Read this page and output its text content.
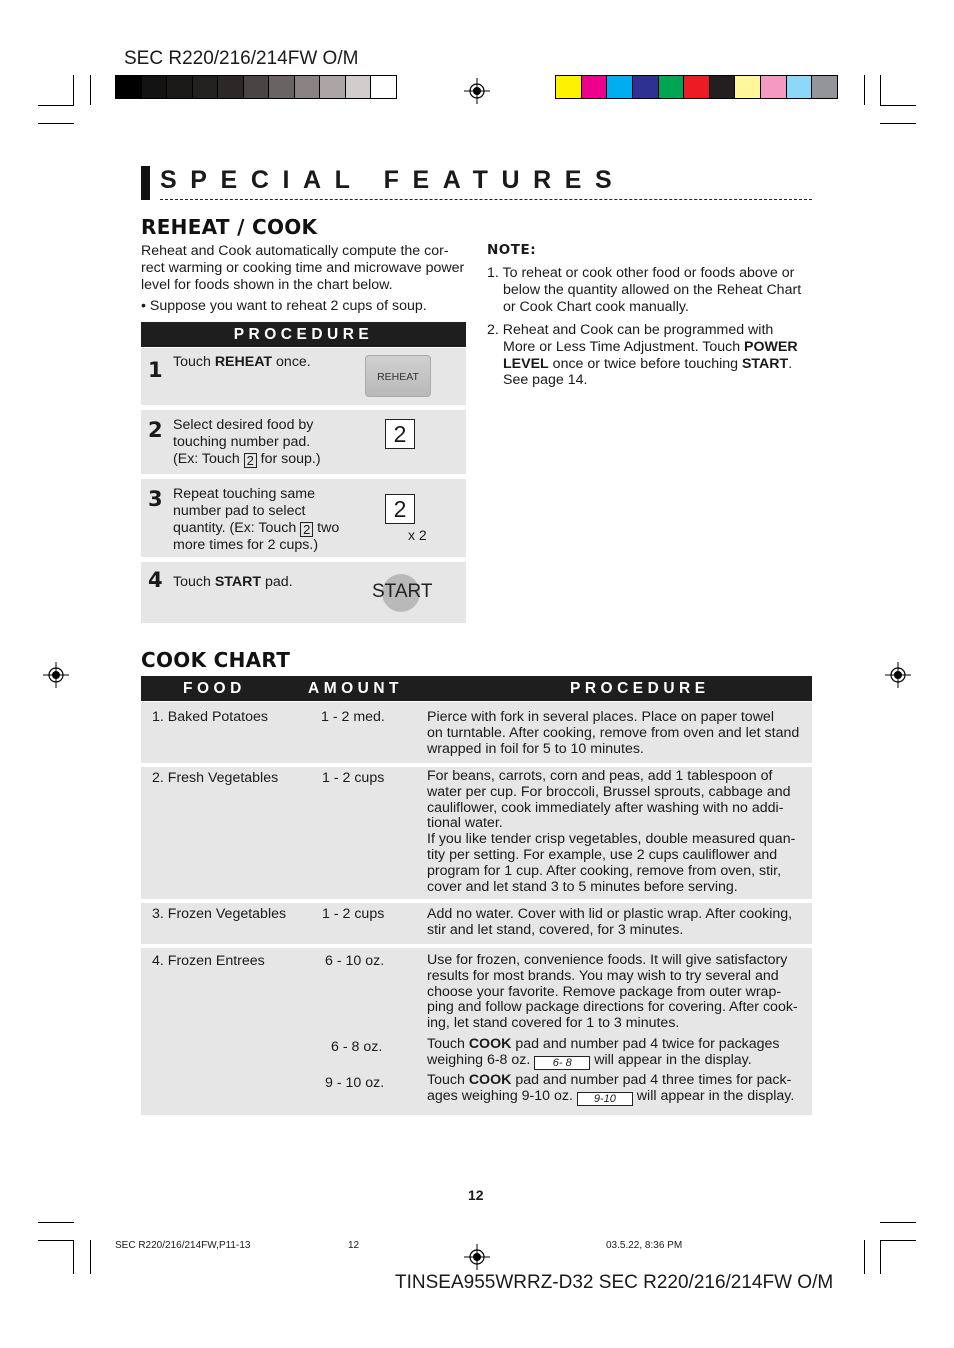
SEC R220/216/214FW O/M
SPECIAL FEATURES
REHEAT / COOK
Reheat and Cook automatically compute the cor-
rect warming or cooking time and microwave power
level for foods shown in the chart below.
• Suppose you want to reheat 2 cups of soup.
PROCEDURE
1 Touch REHEAT once.
REHEAT
2 Select desired food by
touching number pad.
(Ex: Touch 2 for soup.)
2
3 Repeat touching same
number pad to select
quantity. (Ex: Touch 2 two
more times for 2 cups.)
2
x 2
4 Touch START pad.	START
NOTE:
1. To reheat or cook other food or foods above or
below the quantity allowed on the Reheat Chart
or Cook Chart cook manually.
2. Reheat and Cook can be programmed with
More or Less Time Adjustment. Touch POWER
LEVEL once or twice before touching START.
See page 14.
COOK CHART
FOOD	AMOUNT	PROCEDURE
1. Baked Potatoes	1 - 2 med.	Pierce with fork in several places. Place on paper towel
on turntable. After cooking, remove from oven and let stand
wrapped in foil for 5 to 10 minutes.
2. Fresh Vegetables	1 - 2 cups	For beans, carrots, corn and peas, add 1 tablespoon of
water per cup. For broccoli, Brussel sprouts, cabbage and
cauliflower, cook immediately after washing with no addi-
tional water.
If you like tender crisp vegetables, double measured quan-
tity per setting. For example, use 2 cups cauliflower and
program for 1 cup. After cooking, remove from oven, stir,
cover and let stand 3 to 5 minutes before serving.
3. Frozen Vegetables	1 - 2 cups	Add no water. Cover with lid or plastic wrap. After cooking,
stir and let stand, covered, for 3 minutes.
4. Frozen Entrees	6 - 10 oz.	Use for frozen, convenience foods. It will give satisfactory
results for most brands. You may wish to try several and
choose your favorite. Remove package from outer wrap-
ping and follow package directions for covering. After cook-
ing, let stand covered for 1 to 3 minutes.
6 - 8 oz.	Touch COOK pad and number pad 4 twice for packages
weighing 6-8 oz. 6- 8 will appear in the display.
9 - 10 oz.	Touch COOK pad and number pad 4 three times for pack-
ages weighing 9-10 oz. 9-10 will appear in the display.
12
SEC R220/216/214FW,P11-13	12	03.5.22, 8:36 PM
TINSEA955WRRZ-D32 SEC R220/216/214FW O/M
